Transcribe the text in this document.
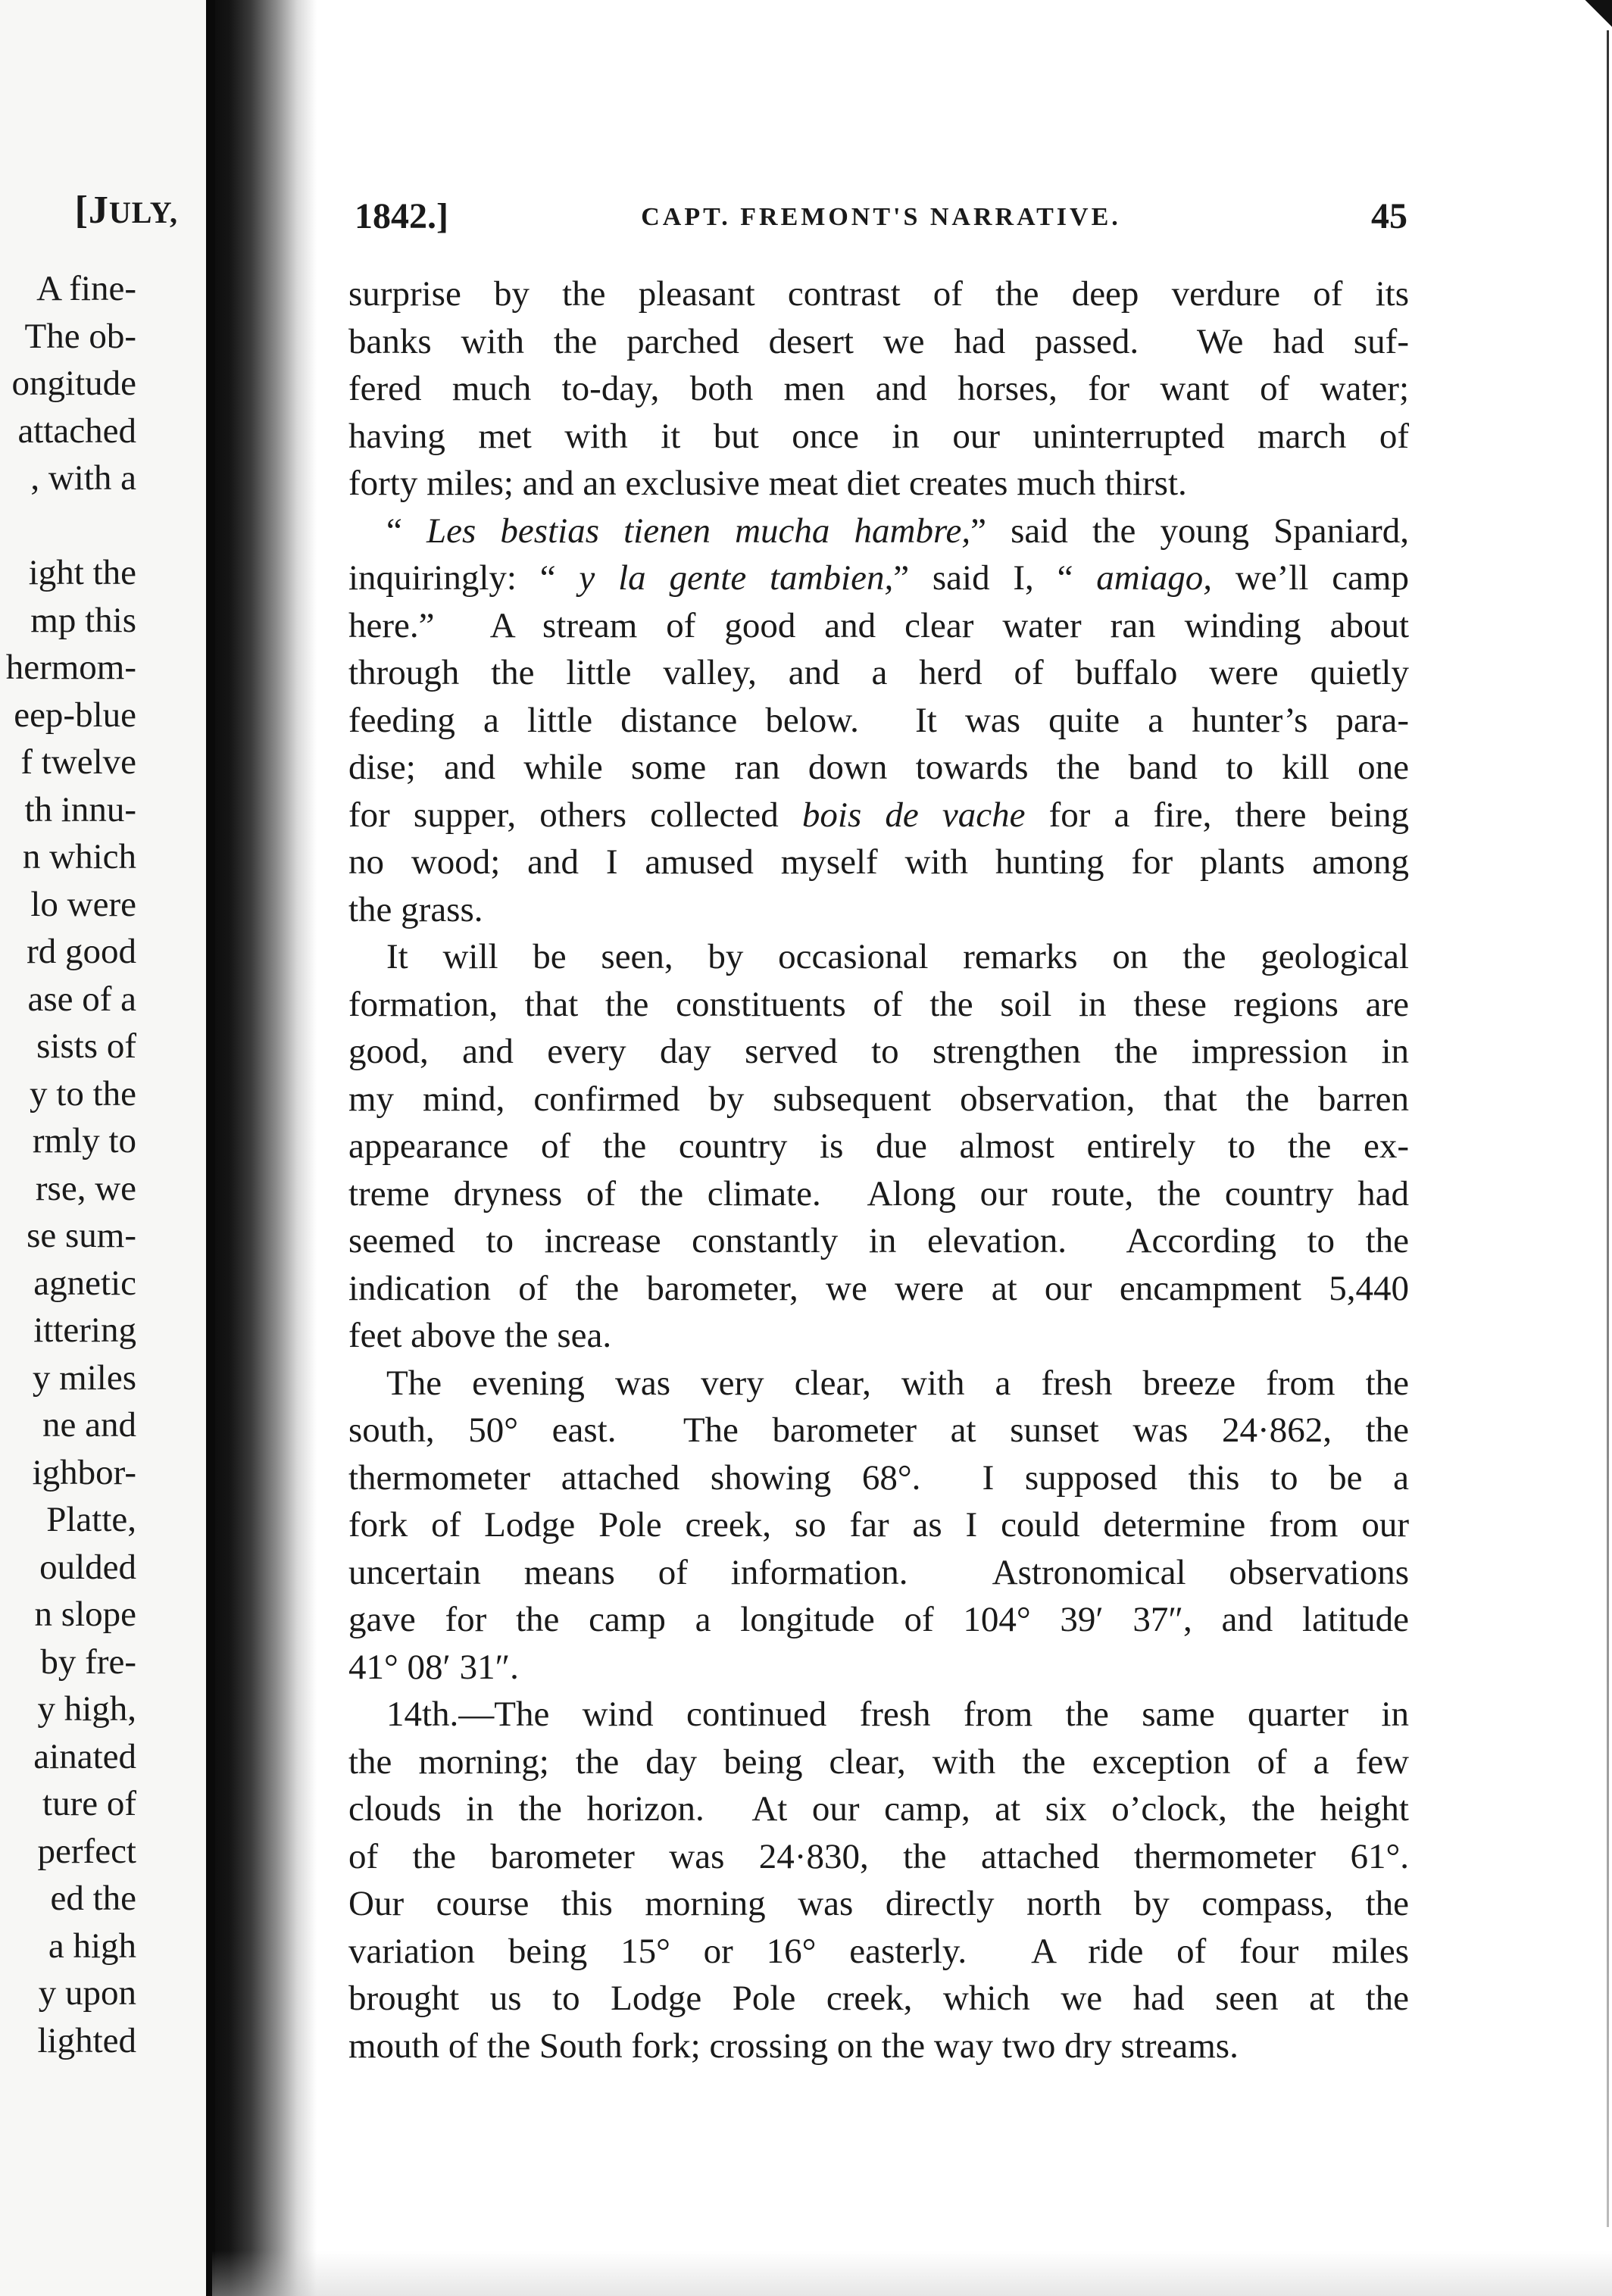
[JULY,
A fine-
The ob-
ongitude
attached
, with a
ight the
mp this
hermom-
eep-blue
f twelve
th innu-
n which
lo were
rd good
ase of a
sists of
y to the
rmly to
rse, we
se sum-
agnetic
ittering
y miles
ne and
ighbor-
Platte,
oulded
n slope
by fre-
y high,
ainated
ture of
perfect
ed the
a high
y upon
lighted
1842.]	CAPT. FREMONT'S NARRATIVE.	45
surprise by the pleasant contrast of the deep verdure of its
banks with the parched desert we had passed.  We had suf-
fered much to-day, both men and horses, for want of water;
having met with it but once in our uninterrupted march of
forty miles; and an exclusive meat diet creates much thirst.
“ Les bestias tienen mucha hambre,” said the young Spaniard,
inquiringly: “ y la gente tambien,” said I, “ amiago, we’ll camp
here.”  A stream of good and clear water ran winding about
through the little valley, and a herd of buffalo were quietly
feeding a little distance below.  It was quite a hunter’s para-
dise; and while some ran down towards the band to kill one
for supper, others collected bois de vache for a fire, there being
no wood; and I amused myself with hunting for plants among
the grass.
It will be seen, by occasional remarks on the geological
formation, that the constituents of the soil in these regions are
good, and every day served to strengthen the impression in
my mind, confirmed by subsequent observation, that the barren
appearance of the country is due almost entirely to the ex-
treme dryness of the climate.  Along our route, the country had
seemed to increase constantly in elevation.  According to the
indication of the barometer, we were at our encampment 5,440
feet above the sea.
The evening was very clear, with a fresh breeze from the
south, 50° east.  The barometer at sunset was 24·862, the
thermometer attached showing 68°.  I supposed this to be a
fork of Lodge Pole creek, so far as I could determine from our
uncertain means of information.  Astronomical observations
gave for the camp a longitude of 104° 39′ 37″, and latitude
41° 08′ 31″.
14th.—The wind continued fresh from the same quarter in
the morning; the day being clear, with the exception of a few
clouds in the horizon.  At our camp, at six o’clock, the height
of the barometer was 24·830, the attached thermometer 61°.
Our course this morning was directly north by compass, the
variation being 15° or 16° easterly.  A ride of four miles
brought us to Lodge Pole creek, which we had seen at the
mouth of the South fork; crossing on the way two dry streams.
